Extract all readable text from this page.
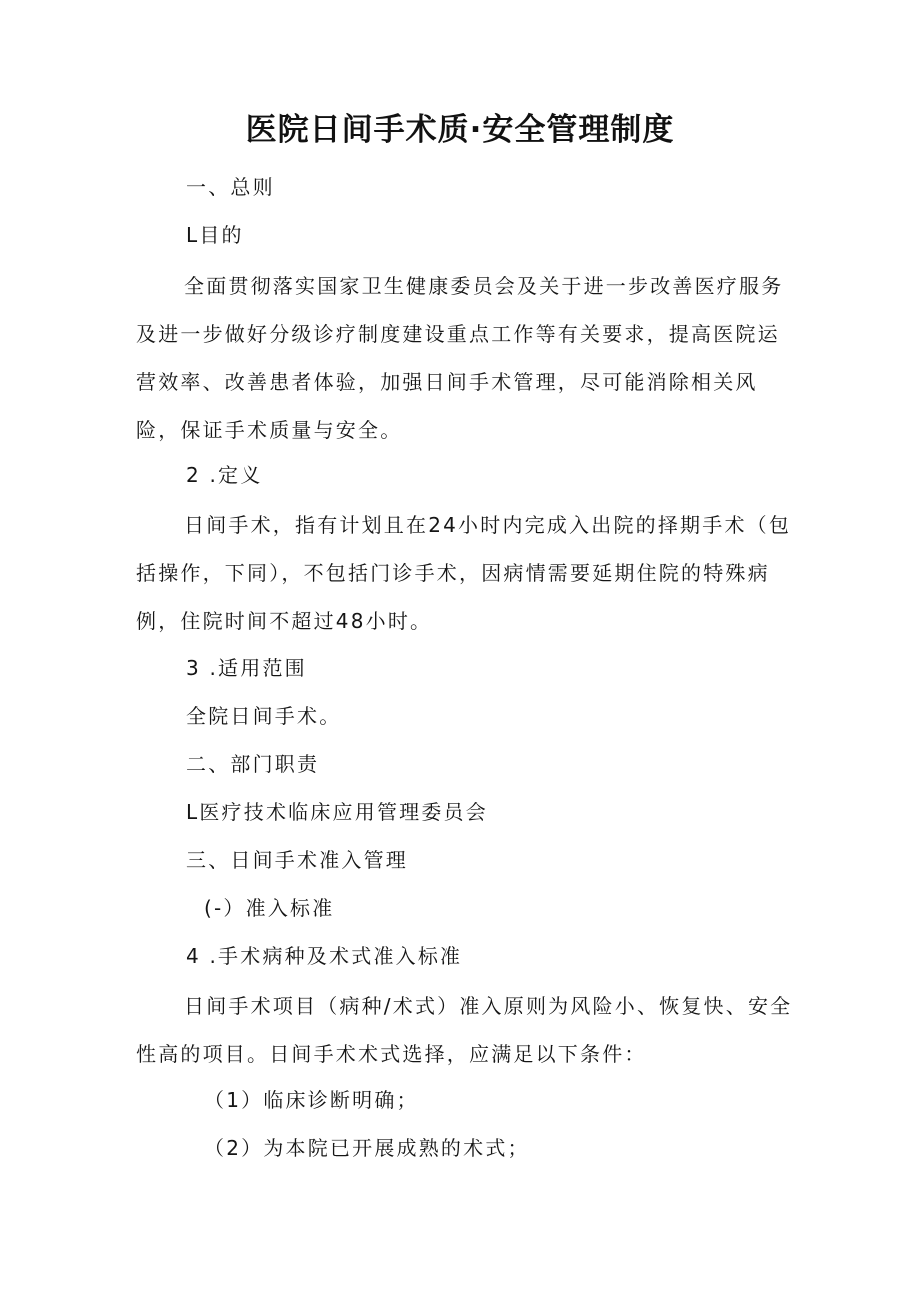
医院日间手术质·安全管理制度
一、总则
L目的
全面贯彻落实国家卫生健康委员会及关于进一步改善医疗服务及进一步做好分级诊疗制度建设重点工作等有关要求，提高医院运营效率、改善患者体验，加强日间手术管理，尽可能消除相关风险，保证手术质量与安全。
2 .定义
日间手术，指有计划且在24小时内完成入出院的择期手术（包括操作，下同），不包括门诊手术，因病情需要延期住院的特殊病例，住院时间不超过48小时。
3 .适用范围
全院日间手术。
二、部门职责
L医疗技术临床应用管理委员会
三、日间手术准入管理
(-）准入标准
4 .手术病种及术式准入标准
日间手术项目（病种/术式）准入原则为风险小、恢复快、安全性高的项目。日间手术术式选择，应满足以下条件：
（1）临床诊断明确；
（2）为本院已开展成熟的术式；
